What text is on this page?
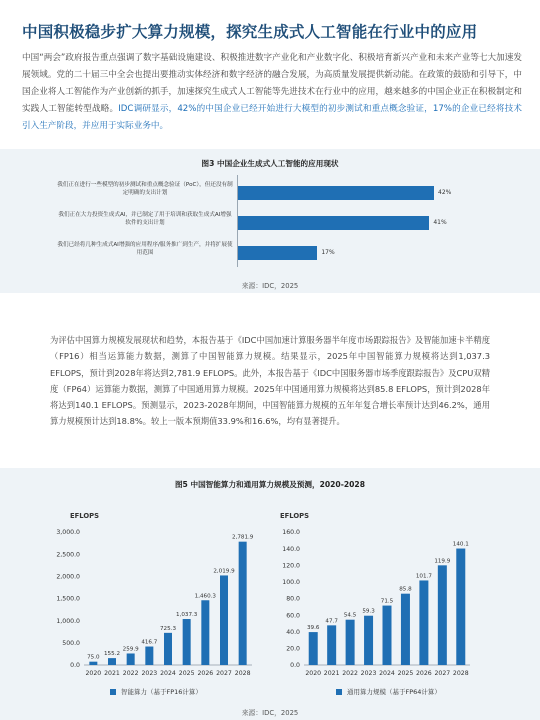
中国积极稳步扩大算力规模，探究生成式人工智能在行业中的应用
中国“两会”政府报告重点强调了数字基础设施建设、积极推进数字产业化和产业数字化、积极培育新兴产业和未来产业等七大加速发展领域。党的二十届三中全会也提出要推动实体经济和数字经济的融合发展，为高质量发展提供新动能。在政策的鼓励和引导下，中国企业将人工智能作为产业创新的抓手，加速探究生成式人工智能等先进技术在行业中的应用，越来越多的中国企业正在积极制定和实践人工智能转型战略。IDC调研显示，42%的中国企业已经开始进行大模型的初步测试和重点概念验证，17%的企业已经将技术引入生产阶段，并应用于实际业务中。
图3 中国企业生成式人工智能的应用现状
我们正在进行一些模型的初步测试和重点概念验证（PoC），但还没有制定明确的支出计划	42%
我们正在大力投资生成式AI，并已制定了用于培训和获取生成式AI增强软件的支出计划	41%
我们已经将几种生成式AI增强的应用程序/服务推广到生产，并将扩展使用范围	17%
来源：IDC，2025
为评估中国算力规模发展现状和趋势，本报告基于《IDC中国加速计算服务器半年度市场跟踪报告》及智能加速卡半精度（FP16）相当运算能力数据，测算了中国智能算力规模。结果显示，2025年中国智能算力规模将达到1,037.3 EFLOPS，预计到2028年将达到2,781.9 EFLOPS。此外，本报告基于《IDC中国服务器市场季度跟踪报告》及CPU双精度（FP64）运算能力数据，测算了中国通用算力规模。2025年中国通用算力规模将达到85.8 EFLOPS，预计到2028年将达到140.1 EFLOPS。预测显示，2023-2028年期间，中国智能算力规模的五年年复合增长率预计达到46.2%，通用算力规模预计达到18.8%。较上一版本预期值33.9%和16.6%，均有显著提升。
图5 中国智能算力和通用算力规模及预测，2020-2028
EFLOPS	EFLOPS
0.0
500.0
1,000.0
1,500.0
2,000.0
2,500.0
3,000.0
75.0
2020
155.2
2021
259.9
2022
416.7
2023
725.3
2024
1,037.3
2025
1,460.3
2026
2,019.9
2027
2,781.9
2028
0.0
20.0
40.0
60.0
80.0
100.0
120.0
140.0
160.0
39.6
2020
47.7
2021
54.5
2022
59.3
2023
71.5
2024
85.8
2025
101.7
2026
119.9
2027
140.1
2028
智能算力（基于FP16计算）	通用算力规模（基于FP64计算）
来源：IDC，2025
